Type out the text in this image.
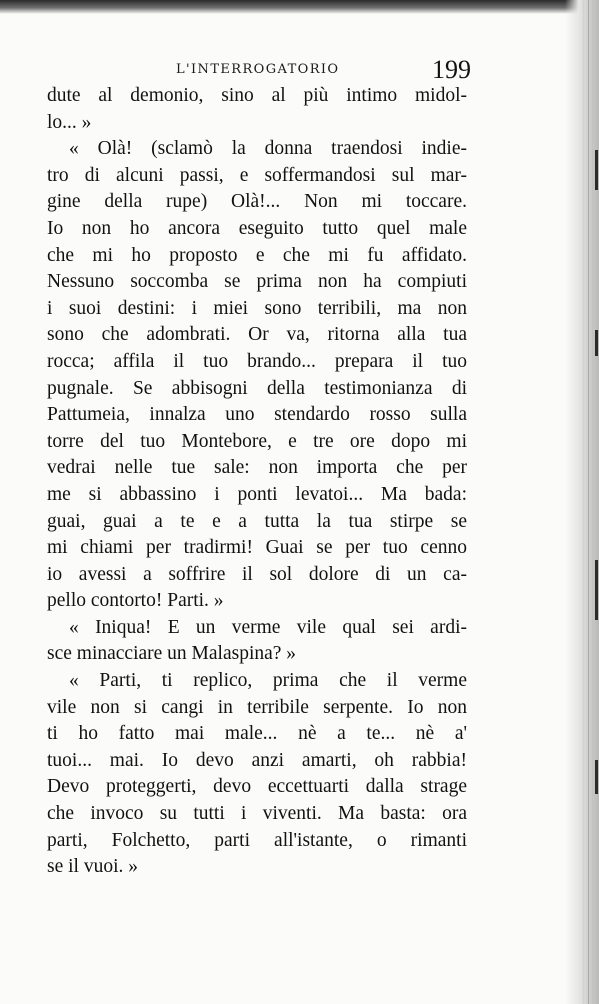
L'INTERROGATORIO	199
dute al demonio, sino al più intimo midol-
lo... »
« Olà! (sclamò la donna traendosi indie-
tro di alcuni passi, e soffermandosi sul mar-
gine della rupe) Olà!... Non mi toccare.
Io non ho ancora eseguito tutto quel male
che mi ho proposto e che mi fu affidato.
Nessuno soccomba se prima non ha compiuti
i suoi destini: i miei sono terribili, ma non
sono che adombrati. Or va, ritorna alla tua
rocca; affila il tuo brando... prepara il tuo
pugnale. Se abbisogni della testimonianza di
Pattumeia, innalza uno stendardo rosso sulla
torre del tuo Montebore, e tre ore dopo mi
vedrai nelle tue sale: non importa che per
me si abbassino i ponti levatoi... Ma bada:
guai, guai a te e a tutta la tua stirpe se
mi chiami per tradirmi! Guai se per tuo cenno
io avessi a soffrire il sol dolore di un ca-
pello contorto! Parti. »
« Iniqua! E un verme vile qual sei ardi-
sce minacciare un Malaspina? »
« Parti, ti replico, prima che il verme
vile non si cangi in terribile serpente. Io non
ti ho fatto mai male... nè a te... nè a'
tuoi... mai. Io devo anzi amarti, oh rabbia!
Devo proteggerti, devo eccettuarti dalla strage
che invoco su tutti i viventi. Ma basta: ora
parti, Folchetto, parti all'istante, o rimanti
se il vuoi. »
